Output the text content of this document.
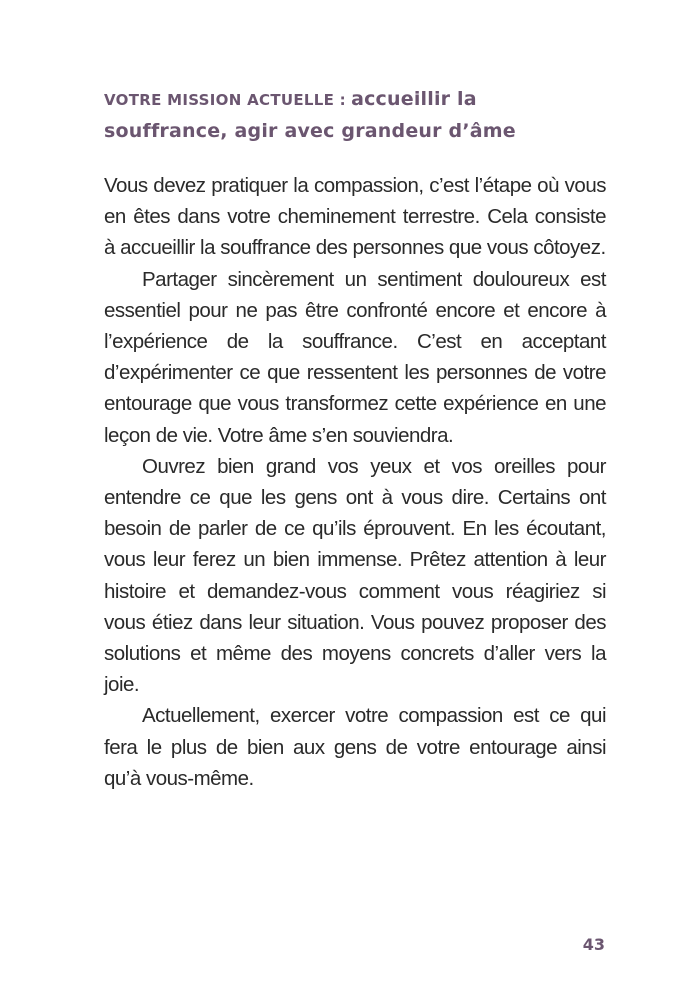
VOTRE MISSION ACTUELLE : accueillir la souffrance, agir avec grandeur d’âme

Vous devez pratiquer la compassion, c’est l’étape où vous en êtes dans votre cheminement terrestre. Cela consiste à accueillir la souffrance des personnes que vous côtoyez.

Partager sincèrement un sentiment douloureux est essentiel pour ne pas être confronté encore et encore à l’expérience de la souffrance. C’est en acceptant d’expérimenter ce que ressentent les personnes de votre entourage que vous transformez cette expérience en une leçon de vie. Votre âme s’en souviendra.

Ouvrez bien grand vos yeux et vos oreilles pour entendre ce que les gens ont à vous dire. Certains ont besoin de parler de ce qu’ils éprouvent. En les écoutant, vous leur ferez un bien immense. Prêtez attention à leur histoire et demandez-vous comment vous réagiriez si vous étiez dans leur situation. Vous pouvez proposer des solutions et même des moyens concrets d’aller vers la joie.

Actuellement, exercer votre compassion est ce qui fera le plus de bien aux gens de votre entourage ainsi qu’à vous-même.

43
